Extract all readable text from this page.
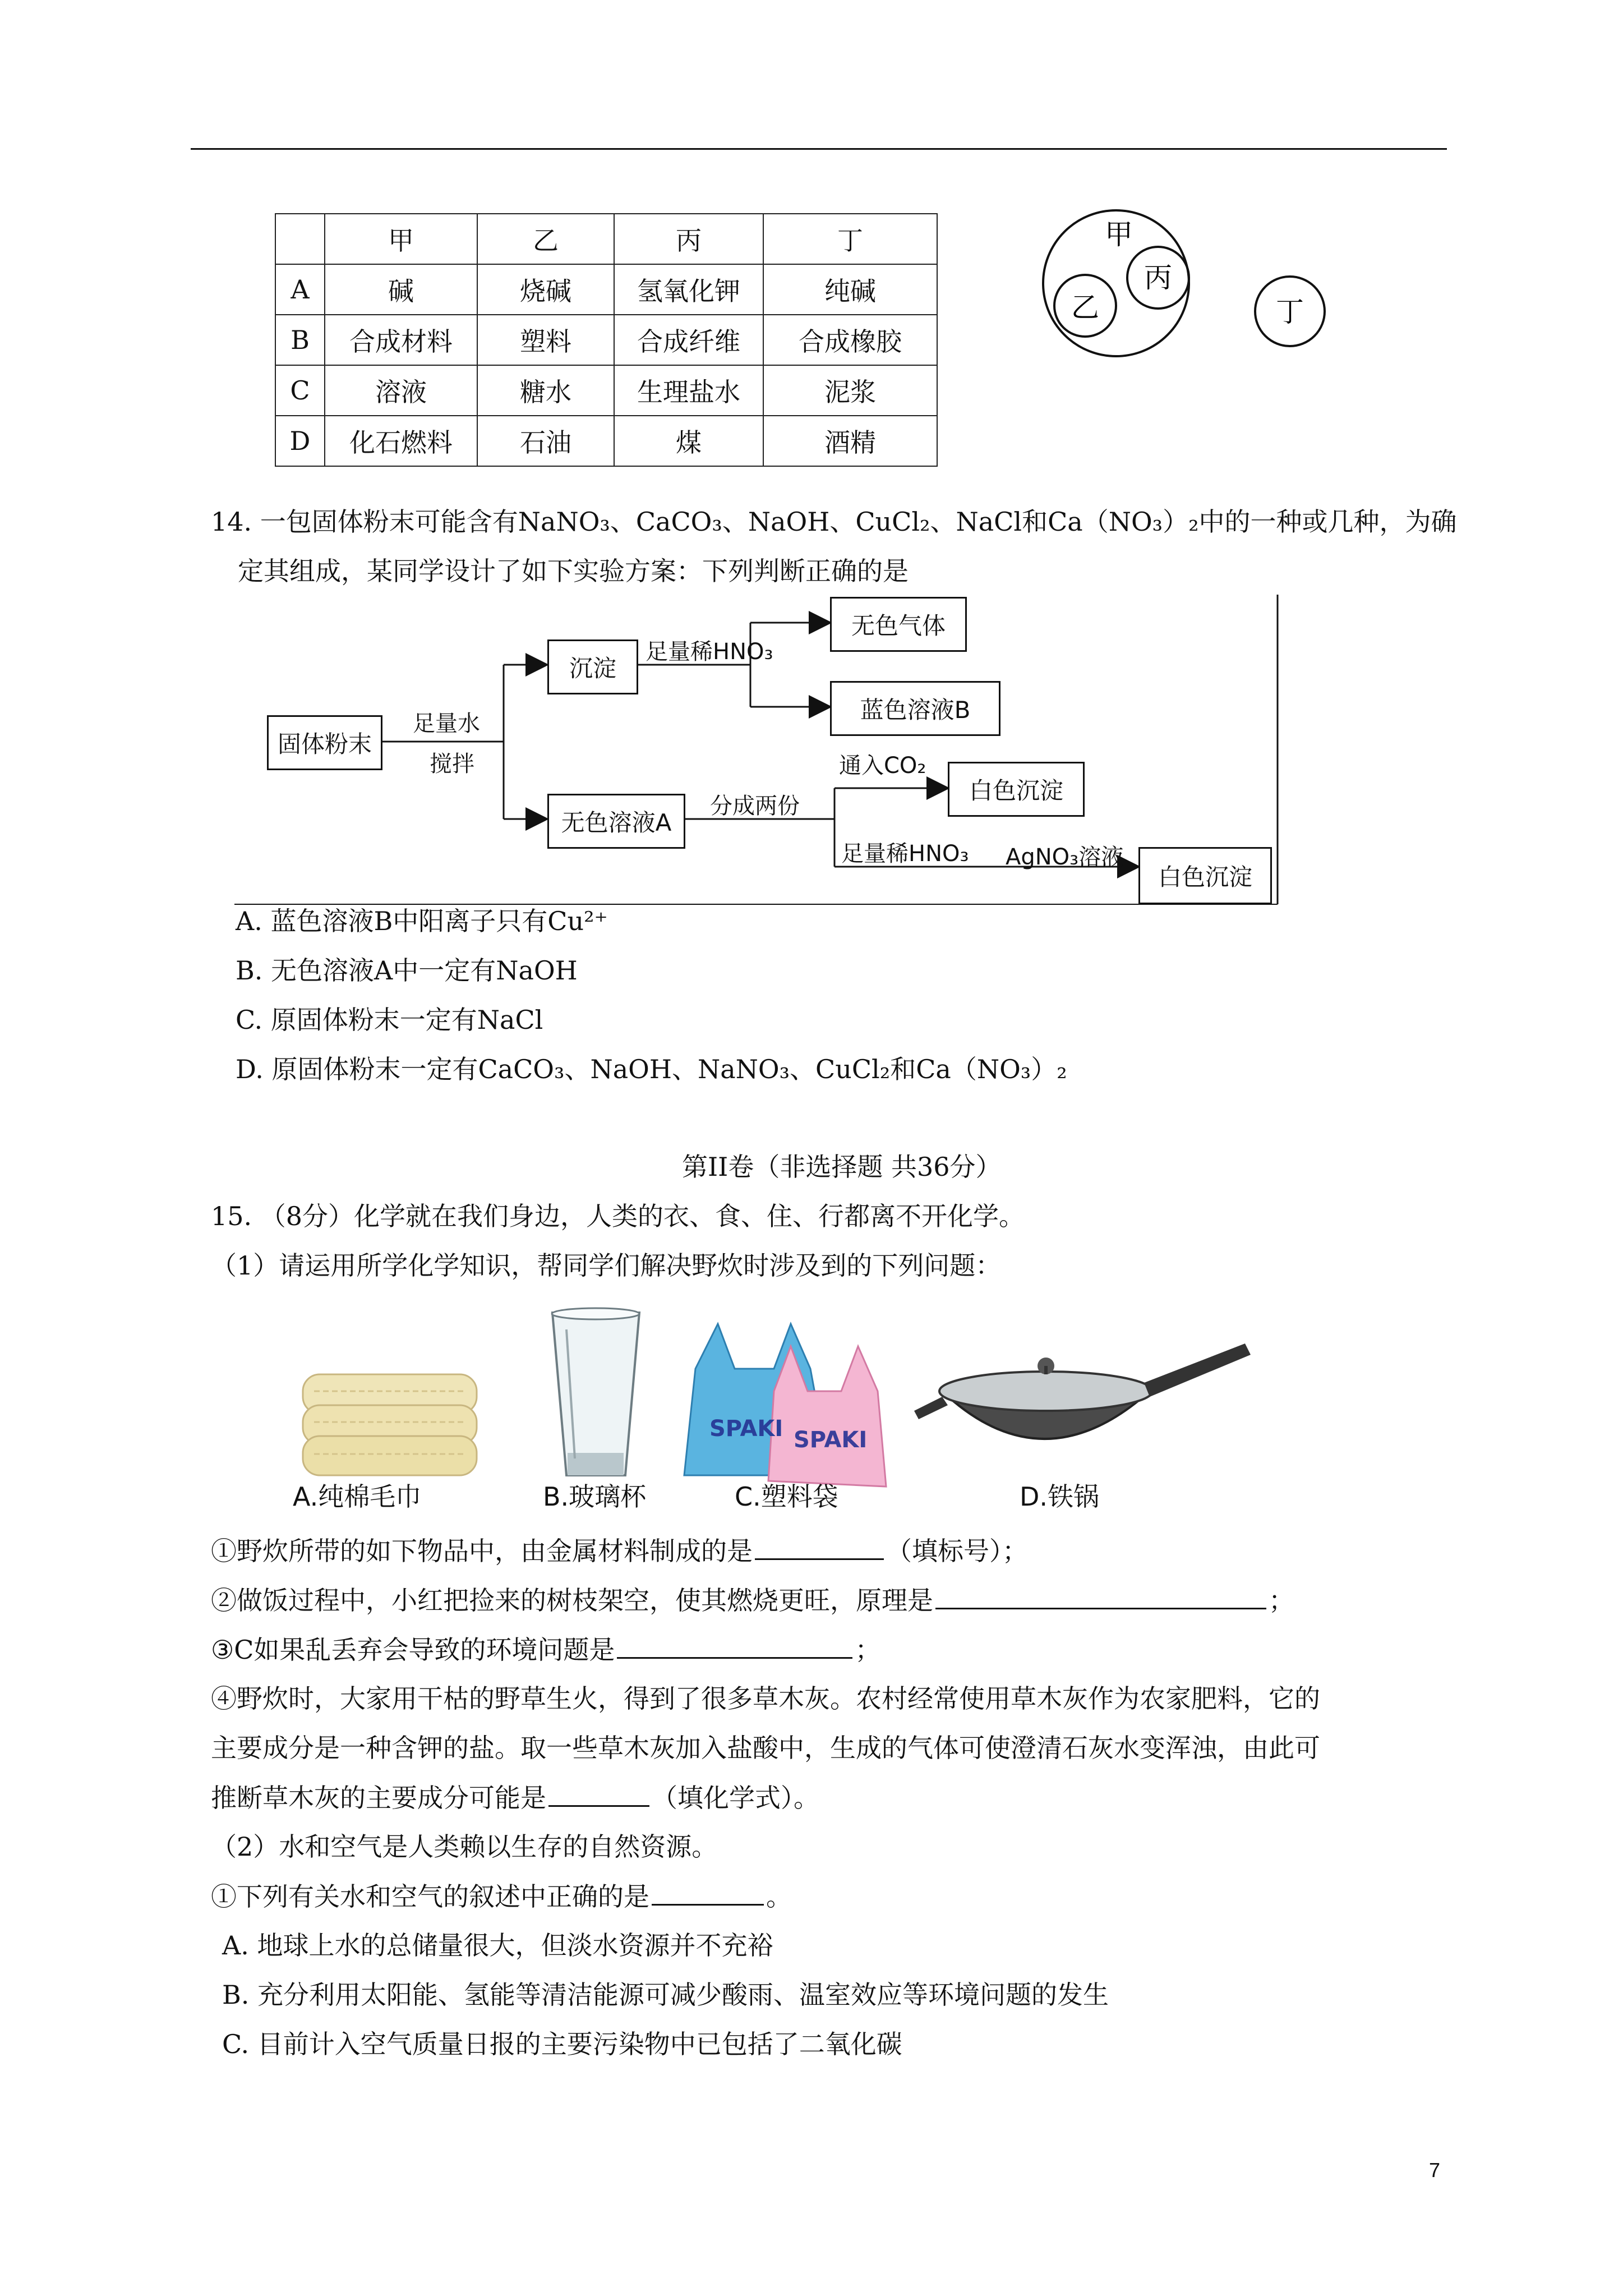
	甲	乙	丙	丁
A	碱	烧碱	氢氧化钾	纯碱
B	合成材料	塑料	合成纤维	合成橡胶
C	溶液	糖水	生理盐水	泥浆
D	化石燃料	石油	煤	酒精
甲
乙
丙
丁
14. 一包固体粉末可能含有NaNO₃、CaCO₃、NaOH、CuCl₂、NaCl和Ca（NO₃）₂中的一种或几种，为确
定其组成，某同学设计了如下实验方案：下列判断正确的是
固体粉末
足量水
搅拌
沉淀
足量稀HNO₃
无色气体
蓝色溶液B
无色溶液A
分成两份
通入CO₂
白色沉淀
足量稀HNO₃ AgNO₃溶液
白色沉淀
A. 蓝色溶液B中阳离子只有Cu²⁺
B. 无色溶液A中一定有NaOH
C. 原固体粉末一定有NaCl
D. 原固体粉末一定有CaCO₃、NaOH、NaNO₃、CuCl₂和Ca（NO₃）₂
第II卷（非选择题 共36分）
15. （8分）化学就在我们身边，人类的衣、食、住、行都离不开化学。
（1）请运用所学化学知识，帮同学们解决野炊时涉及到的下列问题：
SPAKI SPAKI
A.纯棉毛巾	B.玻璃杯	C.塑料袋	D.铁锅
①野炊所带的如下物品中，由金属材料制成的是	（填标号）；
②做饭过程中，小红把捡来的树枝架空，使其燃烧更旺，原理是	；
③C如果乱丢弃会导致的环境问题是	；
④野炊时，大家用干枯的野草生火，得到了很多草木灰。农村经常使用草木灰作为农家肥料，它的
主要成分是一种含钾的盐。取一些草木灰加入盐酸中，生成的气体可使澄清石灰水变浑浊，由此可
推断草木灰的主要成分可能是	（填化学式）。
（2）水和空气是人类赖以生存的自然资源。
①下列有关水和空气的叙述中正确的是	。
A. 地球上水的总储量很大，但淡水资源并不充裕
B. 充分利用太阳能、氢能等清洁能源可减少酸雨、温室效应等环境问题的发生
C. 目前计入空气质量日报的主要污染物中已包括了二氧化碳
7
